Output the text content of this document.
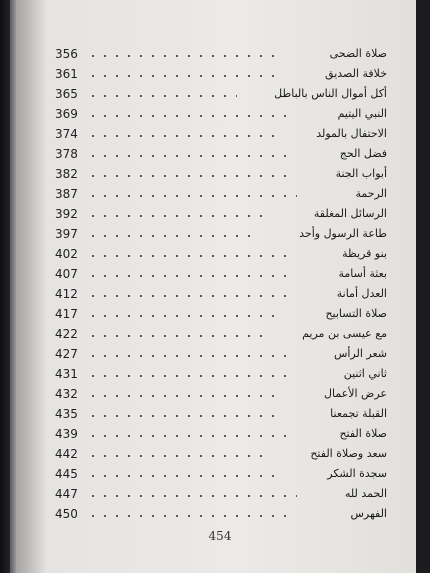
356	صلاة الضحى
361	خلافة الصديق
365	أكل أموال الناس بالباطل
369	النبي اليتيم
374	الاحتفال بالمولد
378	فضل الحج
382	أبواب الجنة
387	الرحمة
392	الرسائل المغلقة
397	طاعة الرسول وأحد
402	بنو قريظة
407	بعثة أسامة
412	العدل أمانة
417	صلاة التسابيح
422	مع عيسى بن مريم
427	شعر الرأس
431	ثاني اثنين
432	عرض الأعمال
435	القبلة تجمعنا
439	صلاة الفتح
442	سعد وصلاة الفتح
445	سجدة الشكر
447	الحمد لله
450	الفهرس
454
